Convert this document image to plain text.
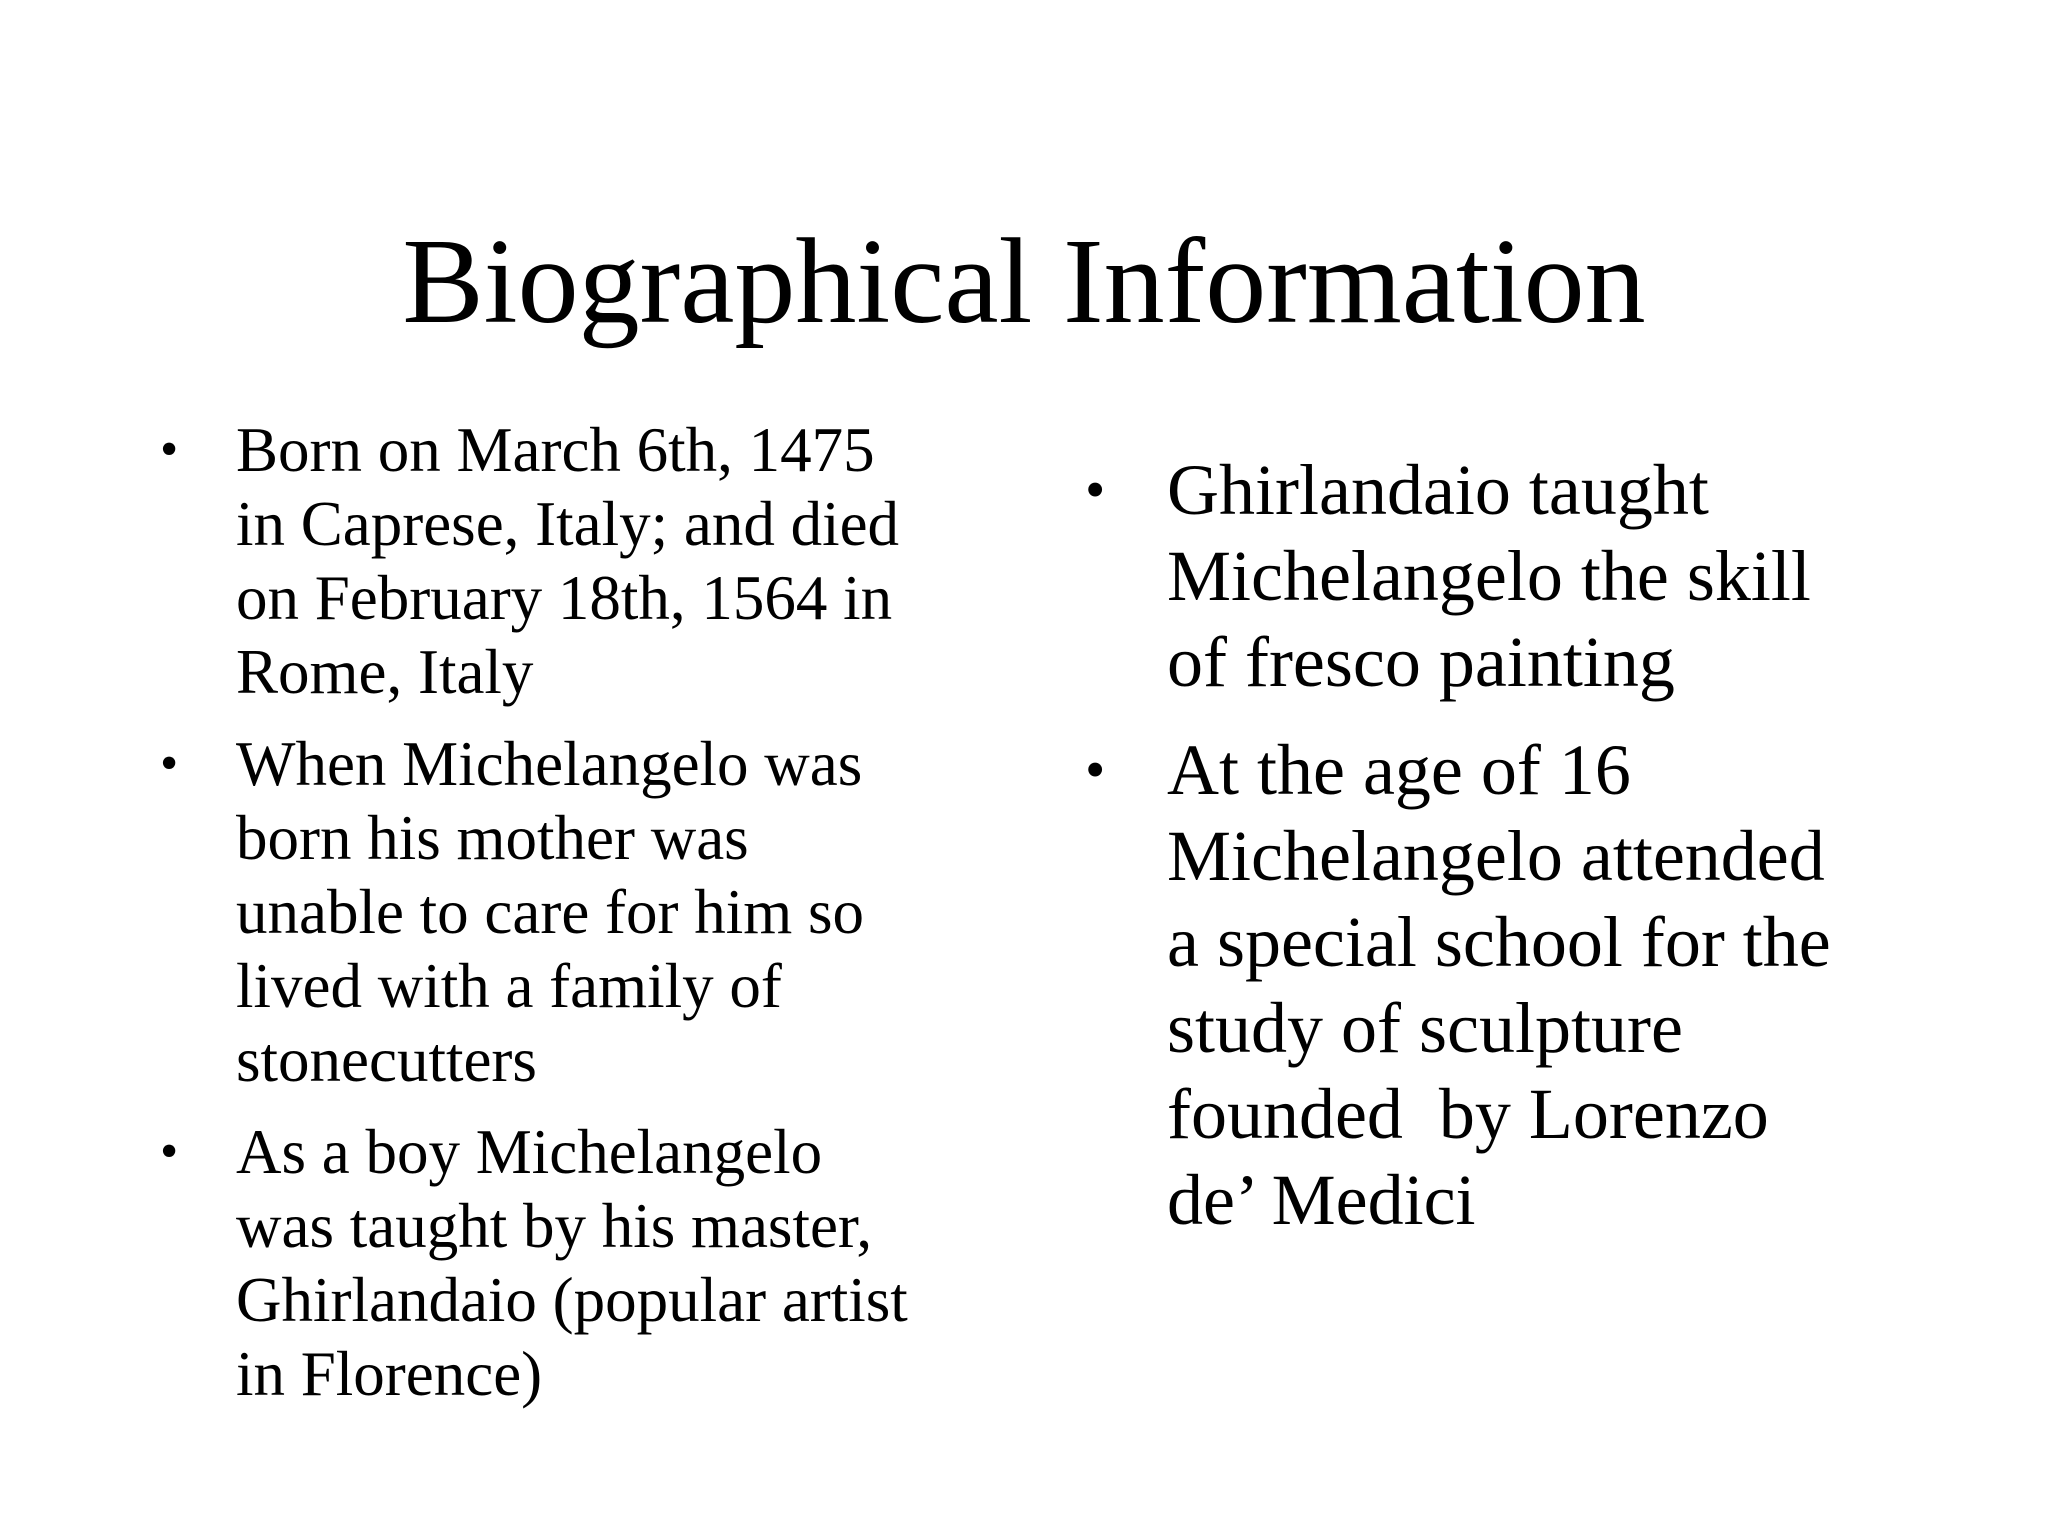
Biographical Information
• Born on March 6th, 1475
in Caprese, Italy; and died
on February 18th, 1564 in
Rome, Italy
• When Michelangelo was
born his mother was
unable to care for him so
lived with a family of
stonecutters
• As a boy Michelangelo
was taught by his master,
Ghirlandaio (popular artist
in Florence)
• Ghirlandaio taught
Michelangelo the skill
of fresco painting
• At the age of 16
Michelangelo attended
a special school for the
study of sculpture
founded  by Lorenzo
de’ Medici
